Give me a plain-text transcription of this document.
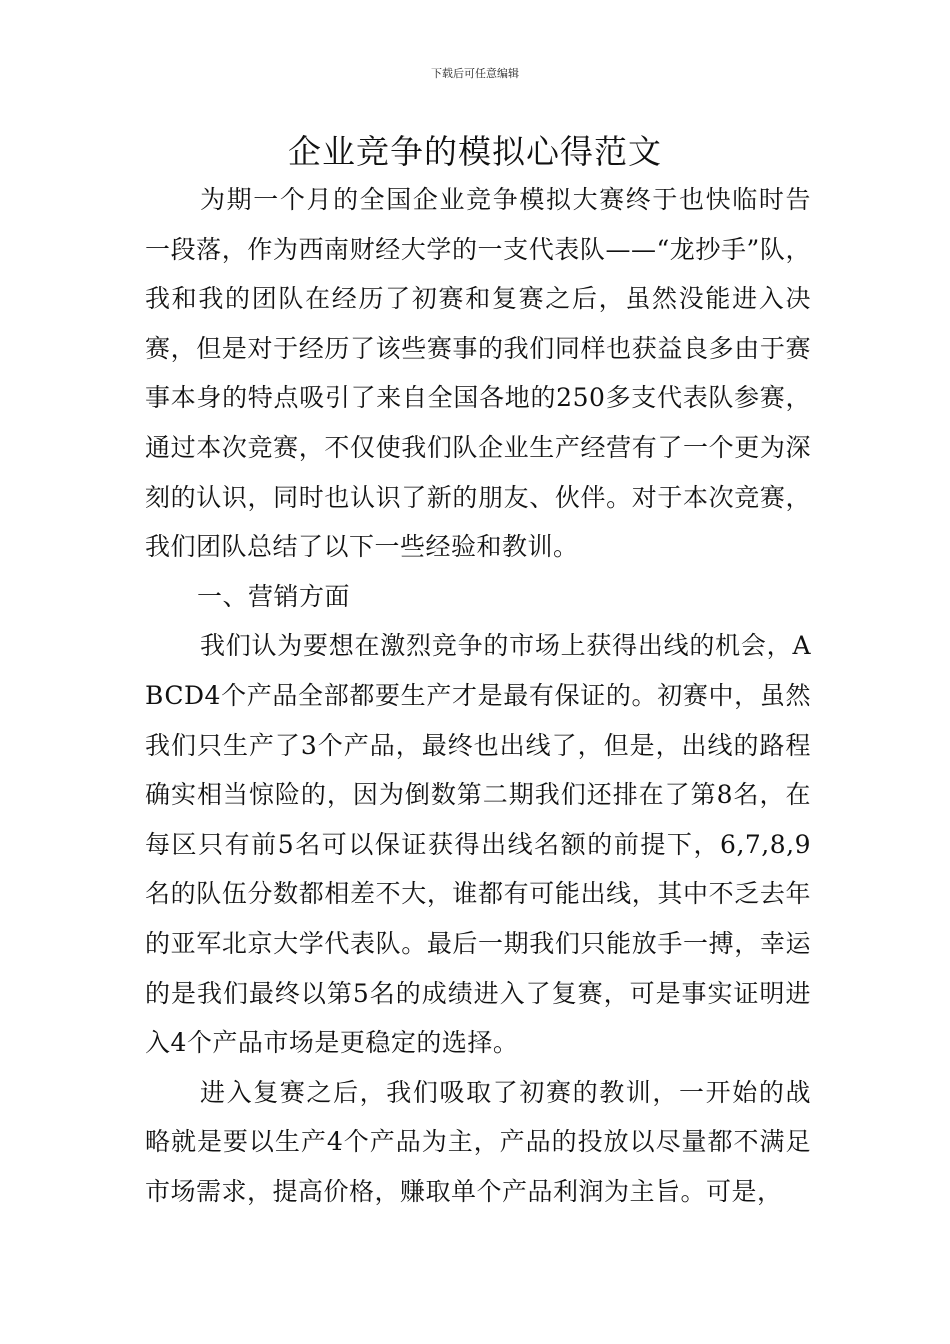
下载后可任意编辑
企业竞争的模拟心得范文

为期一个月的全国企业竞争模拟大赛终于也快临时告一段落，作为西南财经大学的一支代表队——“龙抄手”队，我和我的团队在经历了初赛和复赛之后，虽然没能进入决赛，但是对于经历了该些赛事的我们同样也获益良多由于赛事本身的特点吸引了来自全国各地的250多支代表队参赛，通过本次竞赛，不仅使我们队企业生产经营有了一个更为深刻的认识，同时也认识了新的朋友、伙伴。对于本次竞赛，我们团队总结了以下一些经验和教训。

一、营销方面

我们认为要想在激烈竞争的市场上获得出线的机会，ABCD4个产品全部都要生产才是最有保证的。初赛中，虽然我们只生产了3个产品，最终也出线了，但是，出线的路程确实相当惊险的，因为倒数第二期我们还排在了第8名，在每区只有前5名可以保证获得出线名额的前提下，6,7,8,9名的队伍分数都相差不大，谁都有可能出线，其中不乏去年的亚军北京大学代表队。最后一期我们只能放手一搏，幸运的是我们最终以第5名的成绩进入了复赛，可是事实证明进入4个产品市场是更稳定的选择。

进入复赛之后，我们吸取了初赛的教训，一开始的战略就是要以生产4个产品为主，产品的投放以尽量都不满足市场需求，提高价格，赚取单个产品利润为主旨。可是，
